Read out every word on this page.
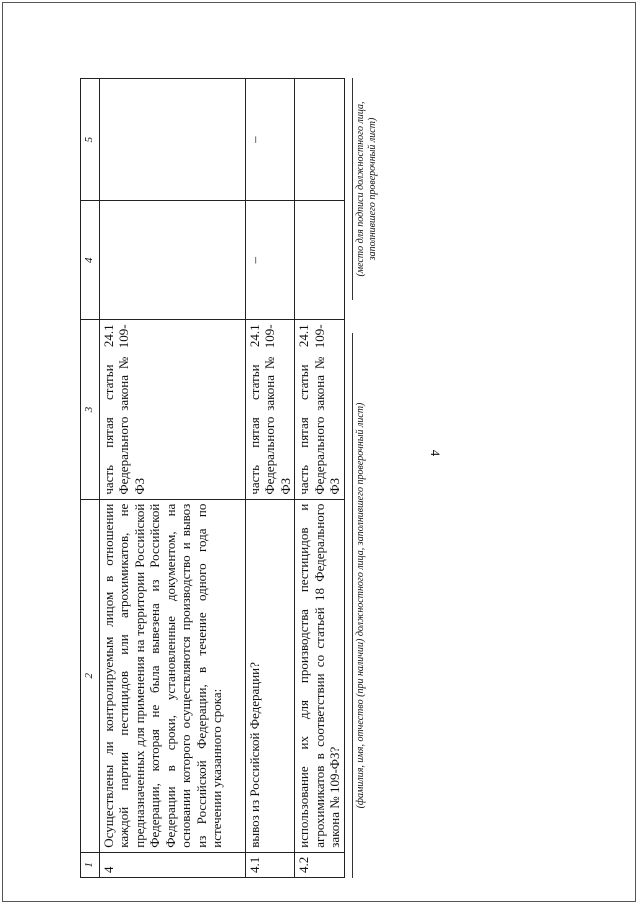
4
1	2	3	4	5
4	Осуществлены ли контролируемым лицом в отношении каждой партии пестицидов или агрохимикатов, не предназначенных для применения на территории Российской Федерации, которая не была вывезена из Российской Федерации в сроки, установленные документом, на основании которого осуществляются производство и вывоз из Российской Федерации, в течение одного года по истечении указанного срока:	часть пятая статьи 24.1 Федерального закона № 109-ФЗ		
4.1	вывоз из Российской Федерации?	часть пятая статьи 24.1 Федерального закона № 109-ФЗ	–	–
4.2	использование их для производства пестицидов и агрохимикатов в соответствии со статьей 18 Федерального закона № 109-ФЗ?	часть пятая статьи 24.1 Федерального закона № 109-ФЗ		(фамилия, имя, отчество (при наличии) должностного лица, заполнившего проверочный лист)
(место для подписи должностного лица, заполнившего проверочный лист)
